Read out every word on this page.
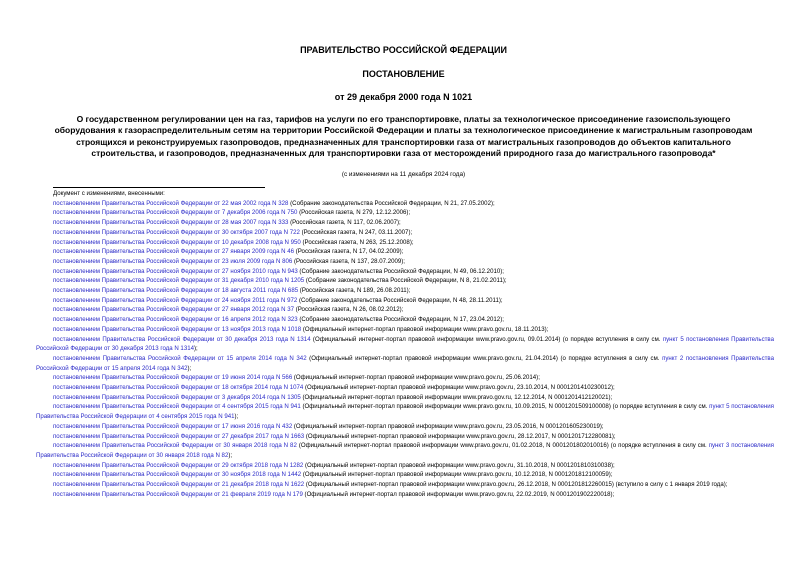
ПРАВИТЕЛЬСТВО РОССИЙСКОЙ ФЕДЕРАЦИИ
ПОСТАНОВЛЕНИЕ
от 29 декабря 2000 года N 1021
О государственном регулировании цен на газ, тарифов на услуги по его транспортировке, платы за технологическое присоединение газоиспользующего
оборудования к газораспределительным сетям на территории Российской Федерации и платы за технологическое присоединение к магистральным газопроводам
строящихся и реконструируемых газопроводов, предназначенных для транспортировки газа от магистральных газопроводов до объектов капитального
строительства, и газопроводов, предназначенных для транспортировки газа от месторождений природного газа до магистрального газопровода*
(с изменениями на 11 декабря 2024 года)

Документ с изменениями, внесенными:

постановлением Правительства Российской Федерации от 22 мая 2002 года N 328 (Собрание законодательства Российской Федерации, N 21, 27.05.2002);

постановлением Правительства Российской Федерации от 7 декабря 2006 года N 750 (Российская газета, N 279, 12.12.2006);

постановлением Правительства Российской Федерации от 28 мая 2007 года N 333 (Российская газета, N 117, 02.06.2007);

постановлением Правительства Российской Федерации от 30 октября 2007 года N 722 (Российская газета, N 247, 03.11.2007);

постановлением Правительства Российской Федерации от 10 декабря 2008 года N 950 (Российская газета, N 263, 25.12.2008);

постановлением Правительства Российской Федерации от 27 января 2009 года N 46 (Российская газета, N 17, 04.02.2009);

постановлением Правительства Российской Федерации от 23 июля 2009 года N 806 (Российская газета, N 137, 28.07.2009);

постановлением Правительства Российской Федерации от 27 ноября 2010 года N 943 (Собрание законодательства Российской Федерации, N 49, 06.12.2010);

постановлением Правительства Российской Федерации от 31 декабря 2010 года N 1205 (Собрание законодательства Российской Федерации, N 8, 21.02.2011);

постановлением Правительства Российской Федерации от 18 августа 2011 года N 685 (Российская газета, N 189, 26.08.2011);

постановлением Правительства Российской Федерации от 24 ноября 2011 года N 972 (Собрание законодательства Российской Федерации, N 48, 28.11.2011);

постановлением Правительства Российской Федерации от 27 января 2012 года N 37 (Российская газета, N 26, 08.02.2012);

постановлением Правительства Российской Федерации от 16 апреля 2012 года N 323 (Собрание законодательства Российской Федерации, N 17, 23.04.2012);

постановлением Правительства Российской Федерации от 13 ноября 2013 года N 1018 (Официальный интернет-портал правовой информации www.pravo.gov.ru, 18.11.2013);

постановлением Правительства Российской Федерации от 30 декабря 2013 года N 1314 (Официальный интернет-портал правовой информации www.pravo.gov.ru, 09.01.2014) (о порядке вступления в силу см. пункт 5 постановления Правительства Российской Федерации от 30 декабря 2013 года N 1314);

постановлением Правительства Российской Федерации от 15 апреля 2014 года N 342 (Официальный интернет-портал правовой информации www.pravo.gov.ru, 21.04.2014) (о порядке вступления в силу см. пункт 2 постановления Правительства Российской Федерации от 15 апреля 2014 года N 342);

постановлением Правительства Российской Федерации от 19 июня 2014 года N 566 (Официальный интернет-портал правовой информации www.pravo.gov.ru, 25.06.2014);

постановлением Правительства Российской Федерации от 18 октября 2014 года N 1074 (Официальный интернет-портал правовой информации www.pravo.gov.ru, 23.10.2014, N 0001201410230012);

постановлением Правительства Российской Федерации от 3 декабря 2014 года N 1305 (Официальный интернет-портал правовой информации www.pravo.gov.ru, 12.12.2014, N 0001201412120021);

постановлением Правительства Российской Федерации от 4 сентября 2015 года N 941 (Официальный интернет-портал правовой информации www.pravo.gov.ru, 10.09.2015, N 0001201509100008) (о порядке вступления в силу см. пункт 5 постановления Правительства Российской Федерации от 4 сентября 2015 года N 941);

постановлением Правительства Российской Федерации от 17 июня 2016 года N 432 (Официальный интернет-портал правовой информации www.pravo.gov.ru, 23.05.2016, N 0001201605230019);

постановлением Правительства Российской Федерации от 27 декабря 2017 года N 1663 (Официальный интернет-портал правовой информации www.pravo.gov.ru, 28.12.2017, N 0001201712280081);

постановлением Правительства Российской Федерации от 30 января 2018 года N 82 (Официальный интернет-портал правовой информации www.pravo.gov.ru, 01.02.2018, N 0001201802010016) (о порядке вступления в силу см. пункт 3 постановления Правительства Российской Федерации от 30 января 2018 года N 82);

постановлением Правительства Российской Федерации от 29 октября 2018 года N 1282 (Официальный интернет-портал правовой информации www.pravo.gov.ru, 31.10.2018, N 0001201810310038);

постановлением Правительства Российской Федерации от 30 ноября 2018 года N 1442 (Официальный интернет-портал правовой информации www.pravo.gov.ru, 10.12.2018, N 0001201812100059);

постановлением Правительства Российской Федерации от 21 декабря 2018 года N 1622 (Официальный интернет-портал правовой информации www.pravo.gov.ru, 26.12.2018, N 0001201812260015) (вступило в силу с 1 января 2019 года);

постановлением Правительства Российской Федерации от 21 февраля 2019 года N 179 (Официальный интернет-портал правовой информации www.pravo.gov.ru, 22.02.2019, N 0001201902220018);
